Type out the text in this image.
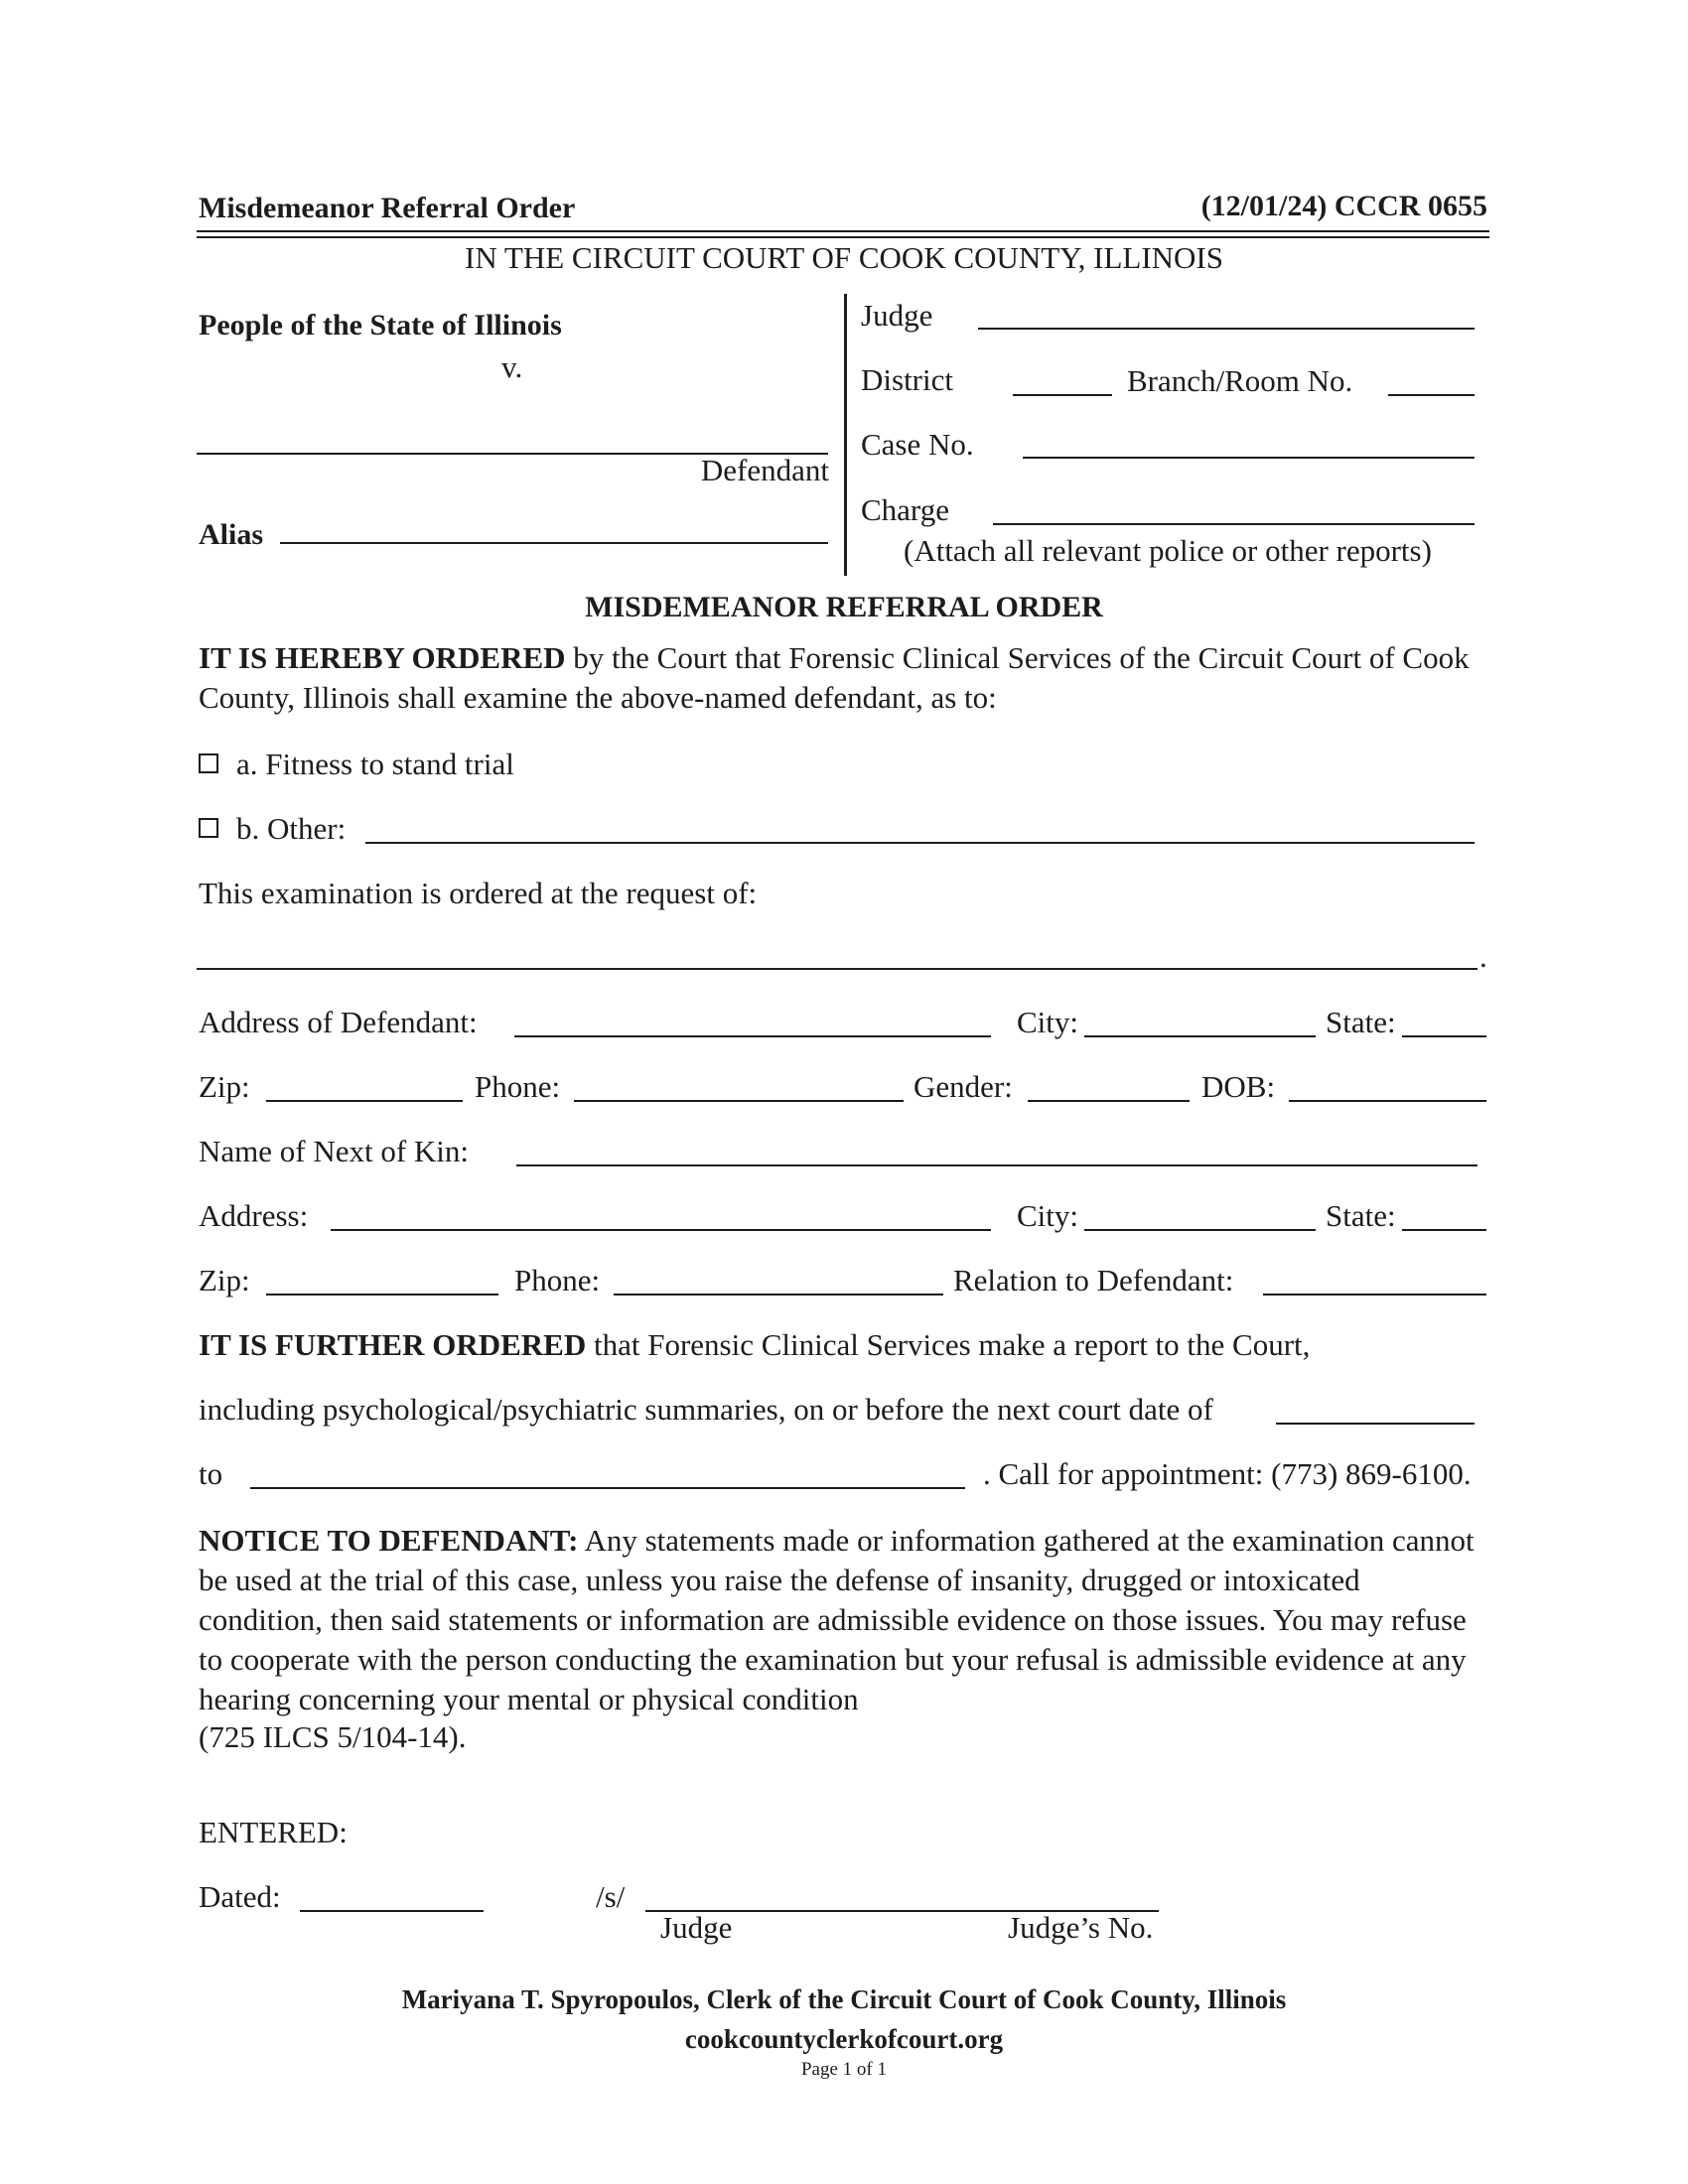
Misdemeanor Referral Order	(12/01/24) CCCR 0655
IN THE CIRCUIT COURT OF COOK COUNTY, ILLINOIS
People of the State of Illinois
v.
Defendant
Alias
Judge
District	Branch/Room No.
Case No.
Charge
(Attach all relevant police or other reports)
MISDEMEANOR REFERRAL ORDER
IT IS HEREBY ORDERED by the Court that Forensic Clinical Services of the Circuit Court of Cook County, Illinois shall examine the above-named defendant, as to:
a. Fitness to stand trial
b. Other:
This examination is ordered at the request of:
.
Address of Defendant:	City:	State:
Zip:	Phone:	Gender:	DOB:
Name of Next of Kin:
Address:	City:	State:
Zip:	Phone:	Relation to Defendant:
IT IS FURTHER ORDERED that Forensic Clinical Services make a report to the Court,
including psychological/psychiatric summaries, on or before the next court date of
to	. Call for appointment: (773) 869-6100.
NOTICE TO DEFENDANT: Any statements made or information gathered at the examination cannot be used at the trial of this case, unless you raise the defense of insanity, drugged or intoxicated condition, then said statements or information are admissible evidence on those issues. You may refuse to cooperate with the person conducting the examination but your refusal is admissible evidence at any hearing concerning your mental or physical condition
(725 ILCS 5/104-14).
ENTERED:
Dated:	/s/
Judge	Judge’s No.
Mariyana T. Spyropoulos, Clerk of the Circuit Court of Cook County, Illinois
cookcountyclerkofcourt.org
Page 1 of 1
